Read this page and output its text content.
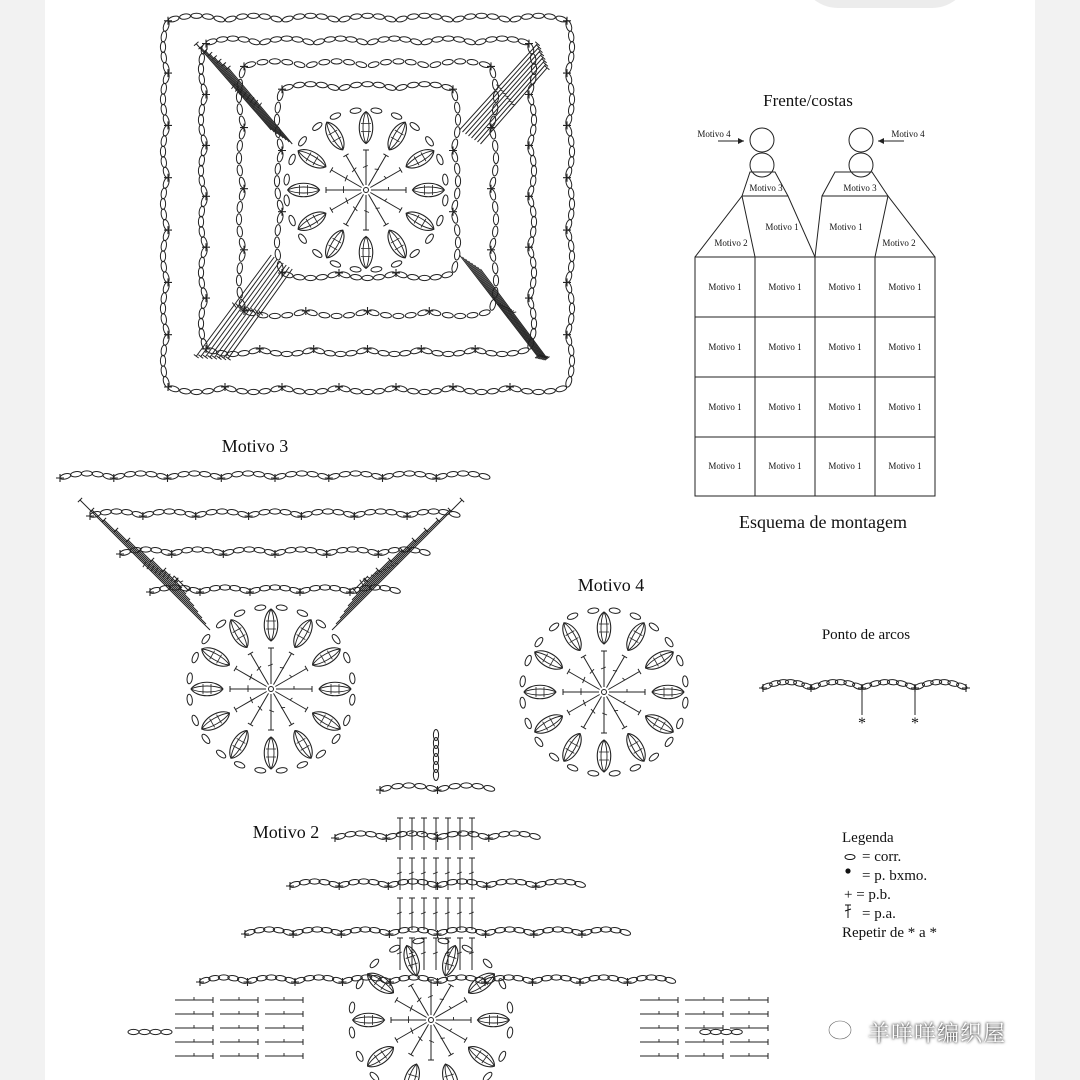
*	*
Frente/costas
Esquema de montagem
Motivo 3
Motivo 4
Motivo 2
Ponto de arcos
Motivo 4	Motivo 4
Motivo 3	Motivo 3
Motivo 2	Motivo 2
Motivo 1	Motivo 1
Motivo 1	Motivo 1	Motivo 1	Motivo 1
Motivo 1	Motivo 1	Motivo 1	Motivo 1
Motivo 1	Motivo 1	Motivo 1	Motivo 1
Motivo 1	Motivo 1	Motivo 1	Motivo 1
Legenda
= corr.
= p. bxmo.
+ = p.b.
= p.a.
Repetir de * a *
羊咩咩编织屋
